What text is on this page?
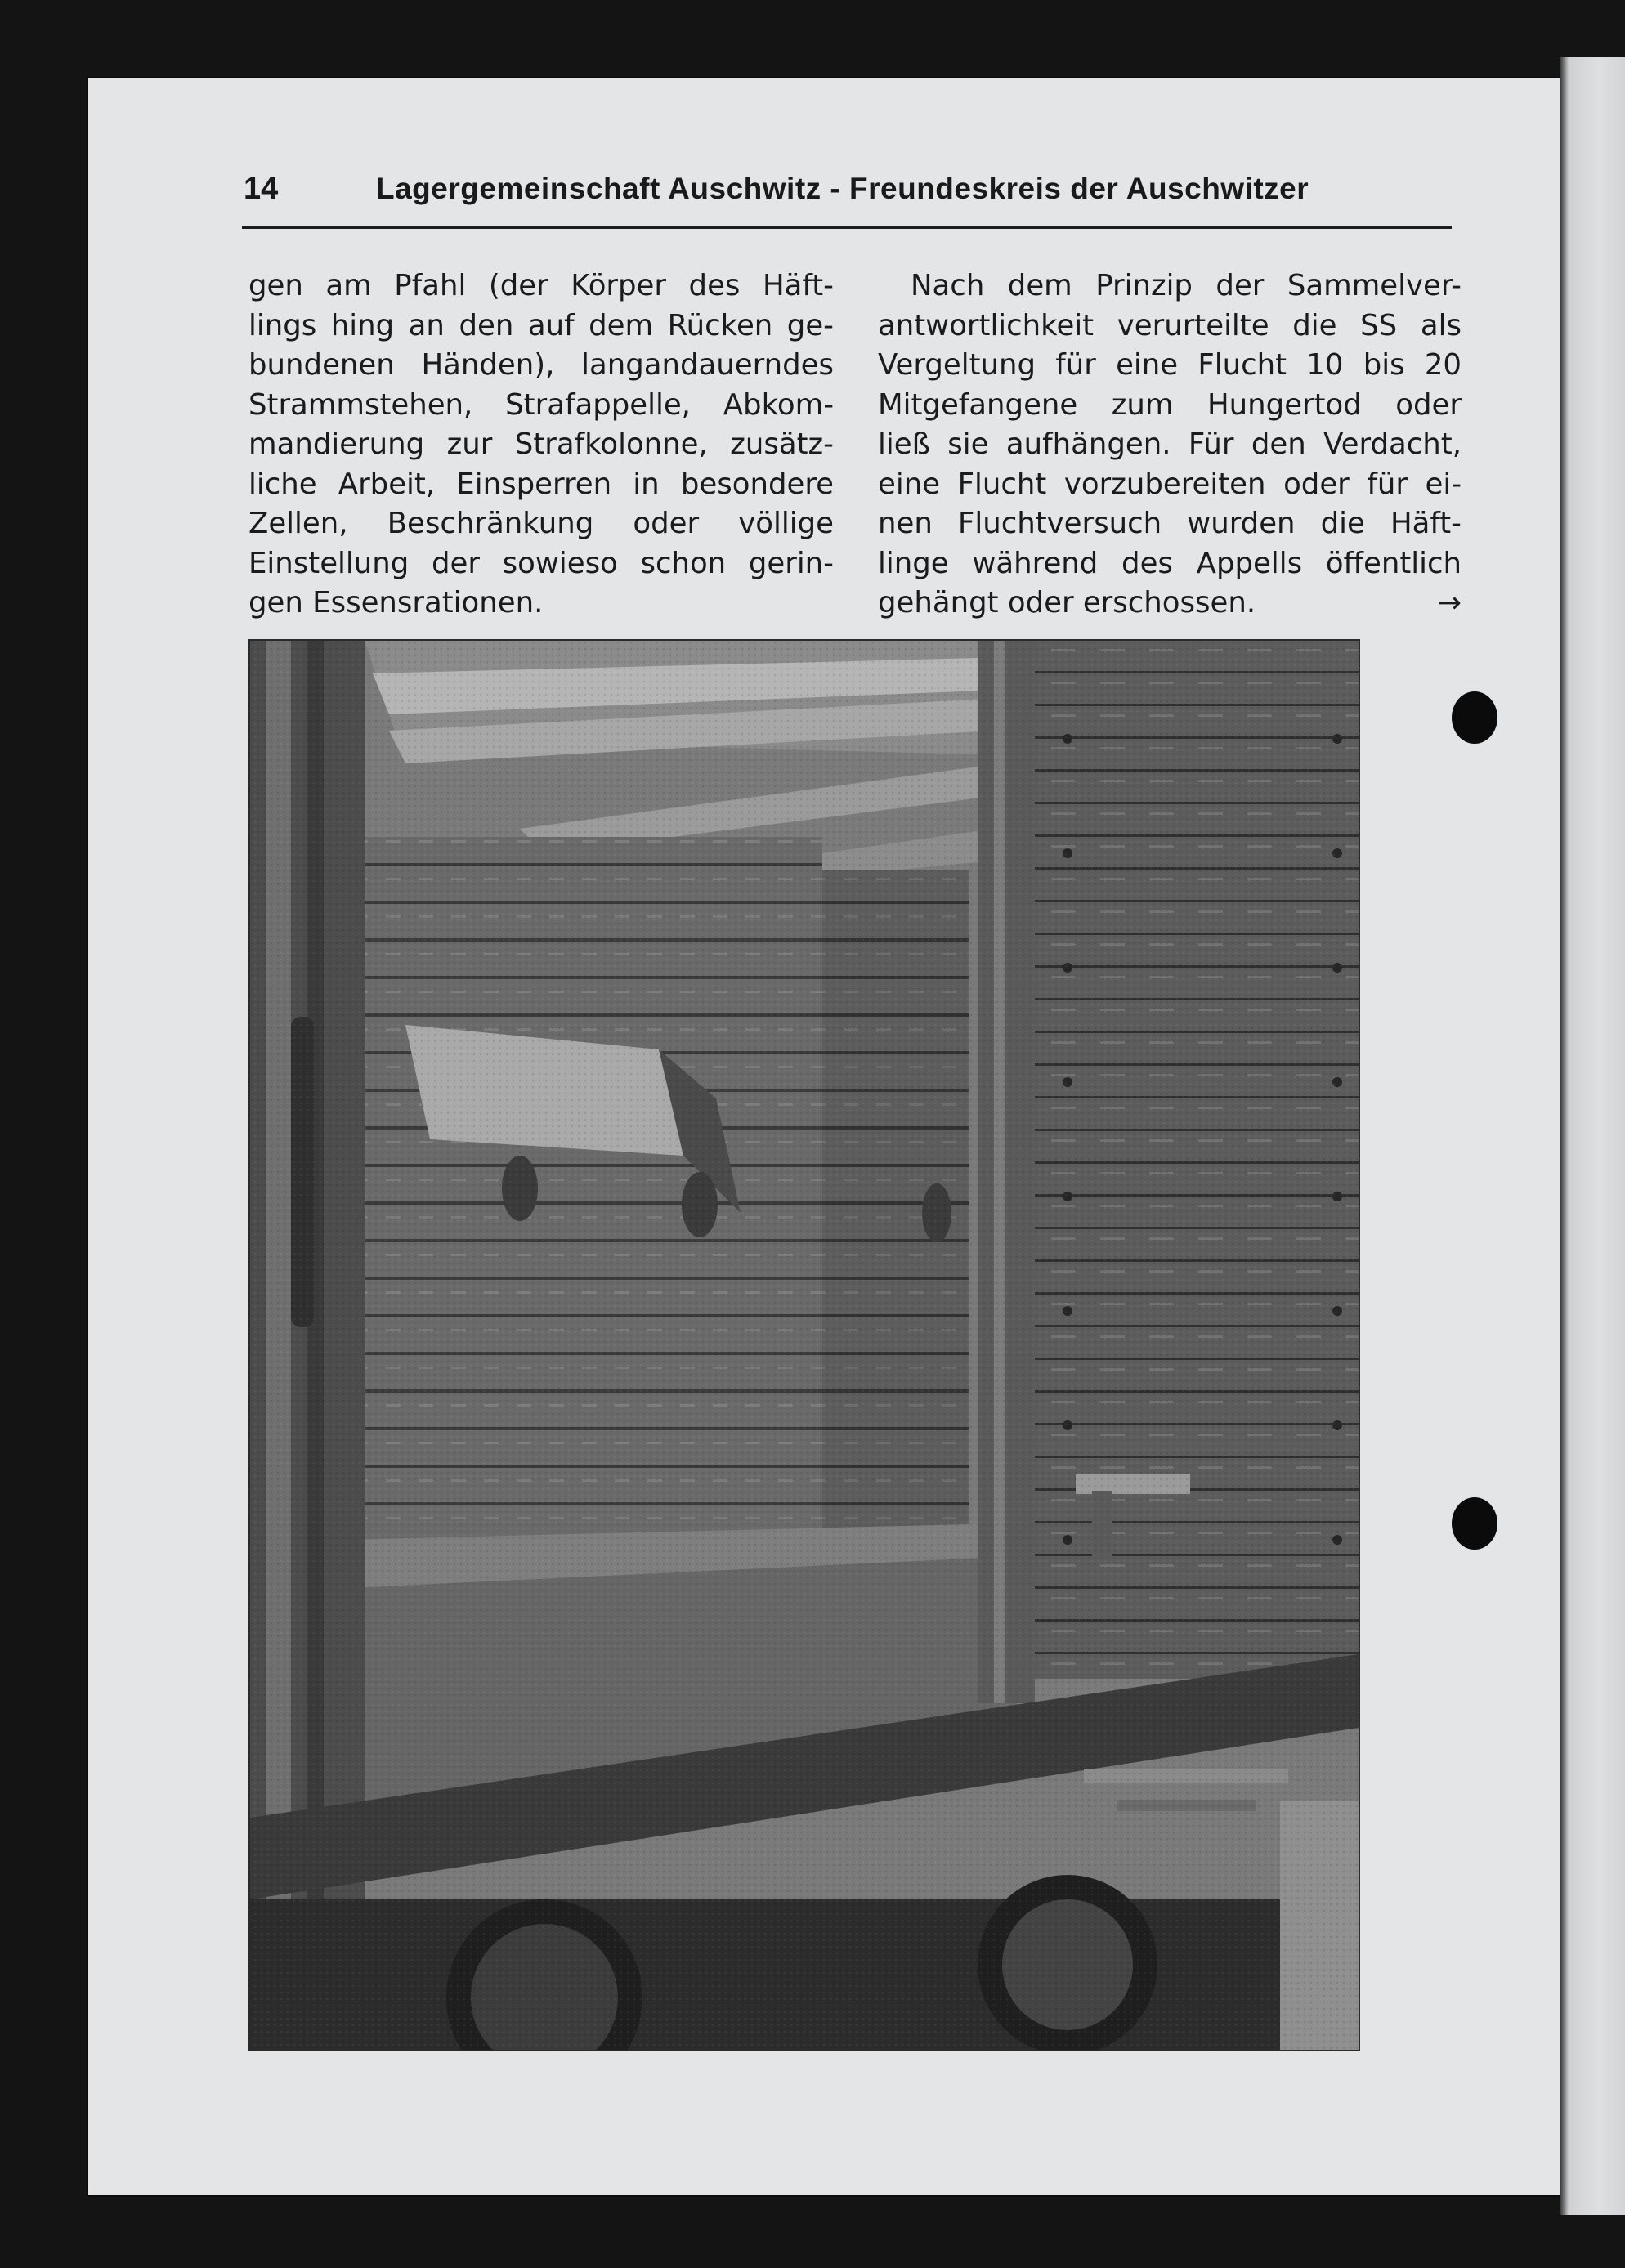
14	Lagergemeinschaft Auschwitz - Freundeskreis der Auschwitzer
gen am Pfahl (der Körper des Häft-
lings hing an den auf dem Rücken ge-
bundenen Händen), langandauerndes
Strammstehen, Strafappelle, Abkom-
mandierung zur Strafkolonne, zusätz-
liche Arbeit, Einsperren in besondere
Zellen, Beschränkung oder völlige
Einstellung der sowieso schon gerin-
gen Essensrationen.
Nach dem Prinzip der Sammelver-
antwortlichkeit verurteilte die SS als
Vergeltung für eine Flucht 10 bis 20
Mitgefangene zum Hungertod oder
ließ sie aufhängen. Für den Verdacht,
eine Flucht vorzubereiten oder für ei-
nen Fluchtversuch wurden die Häft-
linge während des Appells öffentlich
gehängt oder erschossen.	→
